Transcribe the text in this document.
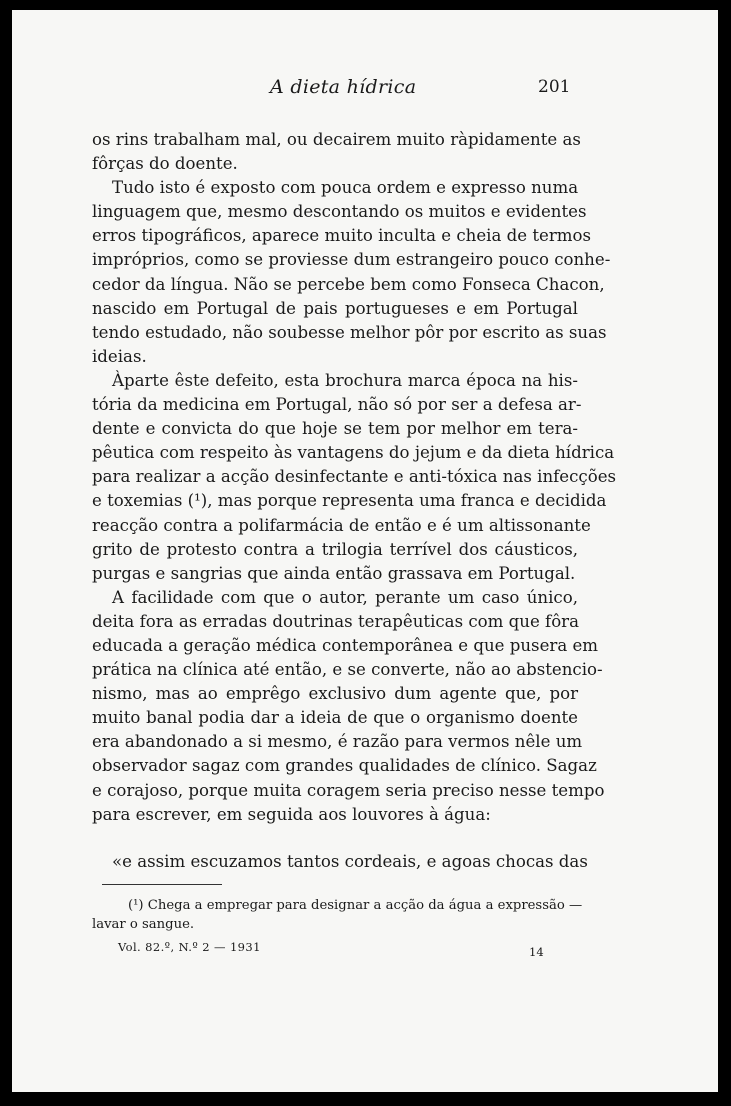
A dieta hídrica	201
os rins trabalham mal, ou decairem muito ràpidamente as
fôrças do doente.
Tudo isto é exposto com pouca ordem e expresso numa
linguagem que, mesmo descontando os muitos e evidentes
erros tipográficos, aparece muito inculta e cheia de termos
impróprios, como se proviesse dum estrangeiro pouco conhe-
cedor da língua. Não se percebe bem como Fonseca Chacon,
nascido em Portugal de pais portugueses e em Portugal
tendo estudado, não soubesse melhor pôr por escrito as suas
ideias.
Àparte êste defeito, esta brochura marca época na his-
tória da medicina em Portugal, não só por ser a defesa ar-
dente e convicta do que hoje se tem por melhor em tera-
pêutica com respeito às vantagens do jejum e da dieta hídrica
para realizar a acção desinfectante e anti-tóxica nas infecções
e toxemias (¹), mas porque representa uma franca e decidida
reacção contra a polifarmácia de então e é um altissonante
grito de protesto contra a trilogia terrível dos cáusticos,
purgas e sangrias que ainda então grassava em Portugal.
A facilidade com que o autor, perante um caso único,
deita fora as erradas doutrinas terapêuticas com que fôra
educada a geração médica contemporânea e que pusera em
prática na clínica até então, e se converte, não ao abstencio-
nismo, mas ao emprêgo exclusivo dum agente que, por
muito banal podia dar a ideia de que o organismo doente
era abandonado a si mesmo, é razão para vermos nêle um
observador sagaz com grandes qualidades de clínico. Sagaz
e corajoso, porque muita coragem seria preciso nesse tempo
para escrever, em seguida aos louvores à água:
«e assim escuzamos tantos cordeais, e agoas chocas das
(¹) Chega a empregar para designar a acção da água a expressão —
lavar o sangue.
Vol. 82.º, N.º 2 — 1931	14
